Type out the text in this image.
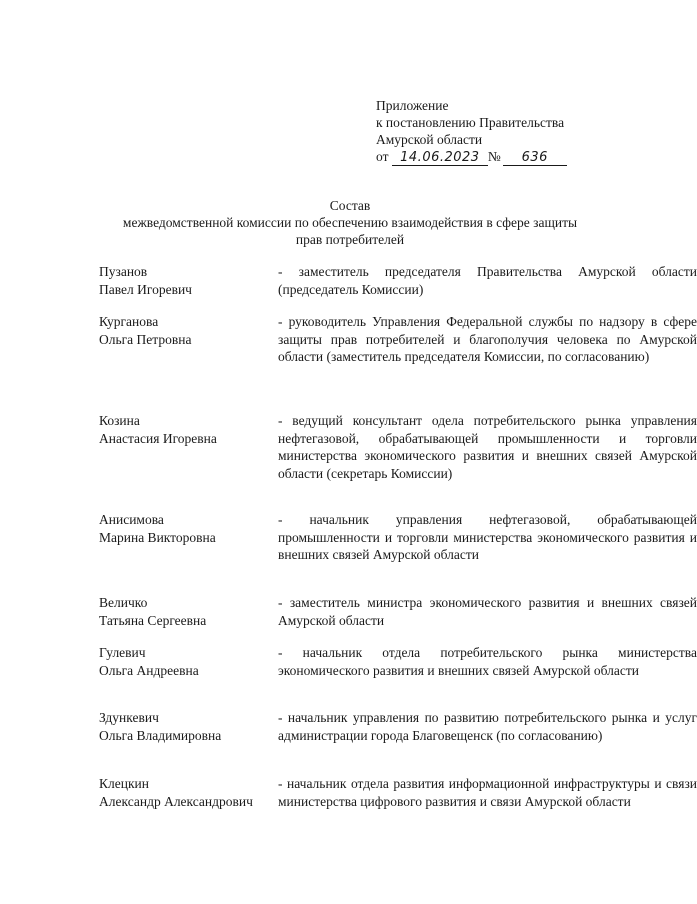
Приложение
к постановлению Правительства
Амурской области
от 14.06.2023 № 636
Состав
межведомственной комиссии по обеспечению взаимодействия в сфере защиты
прав потребителей
Пузанов
Павел Игоревич
- заместитель председателя Правительства Амурской области (председатель Комиссии)
Курганова
Ольга Петровна
- руководитель Управления Федеральной службы по надзору в сфере защиты прав потребителей и благополучия человека по Амурской области (заместитель председателя Комиссии, по согласованию)
Козина
Анастасия Игоревна
- ведущий консультант одела потребительского рынка управления нефтегазовой, обрабатывающей промышленности и торговли министерства экономического развития и внешних связей Амурской области (секретарь Комиссии)
Анисимова
Марина Викторовна
- начальник управления нефтегазовой, обрабатывающей промышленности и торговли министерства экономического развития и внешних связей Амурской области
Величко
Татьяна Сергеевна
- заместитель министра экономического развития и внешних связей Амурской области
Гулевич
Ольга Андреевна
- начальник отдела потребительского рынка министерства экономического развития и внешних связей Амурской области
Здункевич
Ольга Владимировна
- начальник управления по развитию потребительского рынка и услуг администрации города Благовещенск (по согласованию)
Клецкин
Александр Александрович
- начальник отдела развития информационной инфраструктуры и связи министерства цифрового развития и связи Амурской области
